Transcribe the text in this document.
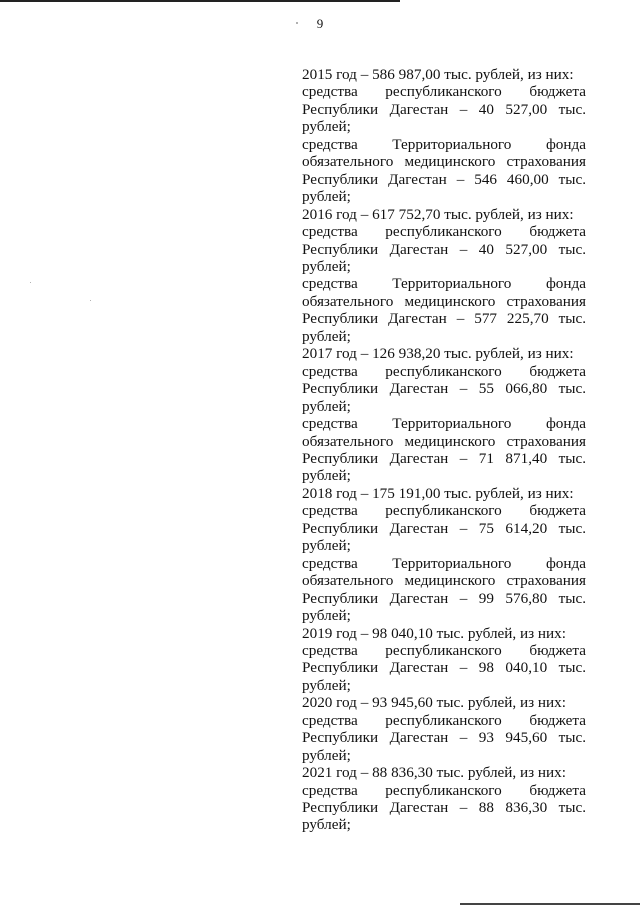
9
2015 год – 586 987,00 тыс. рублей, из них:
средства республиканского бюджета
Республики Дагестан – 40 527,00 тыс.
рублей;
средства Территориального фонда
обязательного медицинского страхования
Республики Дагестан – 546 460,00 тыс.
рублей;
2016 год – 617 752,70 тыс. рублей, из них:
средства республиканского бюджета
Республики Дагестан – 40 527,00 тыс.
рублей;
средства Территориального фонда
обязательного медицинского страхования
Республики Дагестан – 577 225,70 тыс.
рублей;
2017 год – 126 938,20 тыс. рублей, из них:
средства республиканского бюджета
Республики Дагестан – 55 066,80 тыс.
рублей;
средства Территориального фонда
обязательного медицинского страхования
Республики Дагестан – 71 871,40 тыс.
рублей;
2018 год – 175 191,00 тыс. рублей, из них:
средства республиканского бюджета
Республики Дагестан – 75 614,20 тыс.
рублей;
средства Территориального фонда
обязательного медицинского страхования
Республики Дагестан – 99 576,80 тыс.
рублей;
2019 год – 98 040,10 тыс. рублей, из них:
средства республиканского бюджета
Республики Дагестан – 98 040,10 тыс.
рублей;
2020 год – 93 945,60 тыс. рублей, из них:
средства республиканского бюджета
Республики Дагестан – 93 945,60 тыс.
рублей;
2021 год – 88 836,30 тыс. рублей, из них:
средства республиканского бюджета
Республики Дагестан – 88 836,30 тыс.
рублей;
